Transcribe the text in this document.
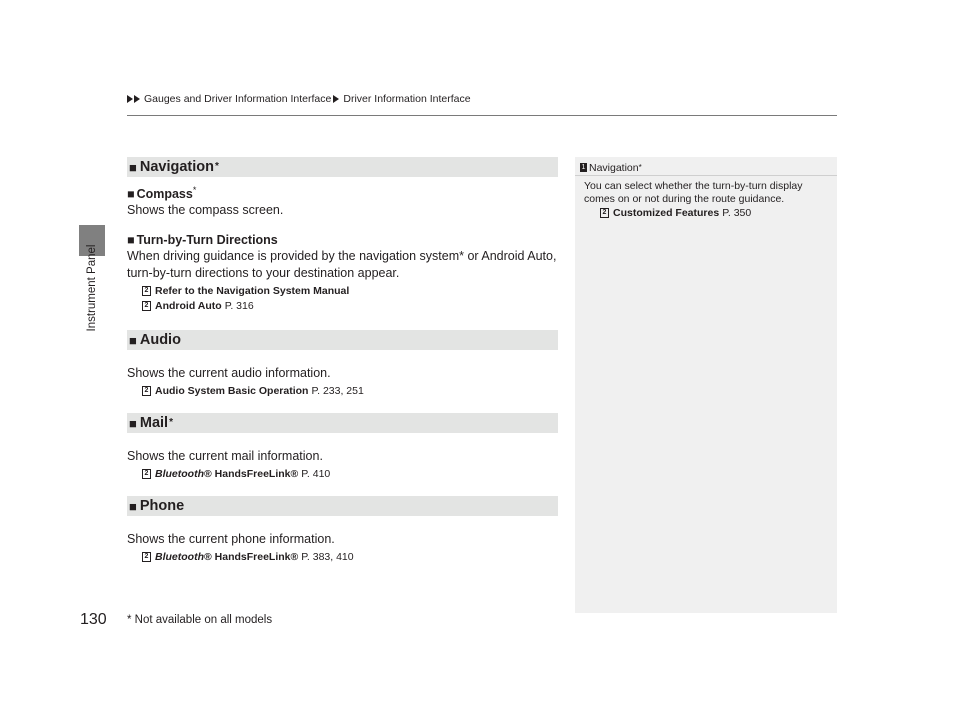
Gauges and Driver Information Interface Driver Information Interface
Instrument Panel
■ Navigation*
■ Compass*
Shows the compass screen.
■ Turn-by-Turn Directions
When driving guidance is provided by the navigation system* or Android Auto, turn-by-turn directions to your destination appear.
2 Refer to the Navigation System Manual
2 Android Auto P. 316
■ Audio
Shows the current audio information.
2 Audio System Basic Operation P. 233, 251
■ Mail*
Shows the current mail information.
2 Bluetooth ® HandsFreeLink® P. 410
■ Phone
Shows the current phone information.
2 Bluetooth ® HandsFreeLink® P. 383, 410
1 Navigation *
You can select whether the turn-by-turn display comes on or not during the route guidance.
2 Customized Features P. 350
130 * Not available on all models
